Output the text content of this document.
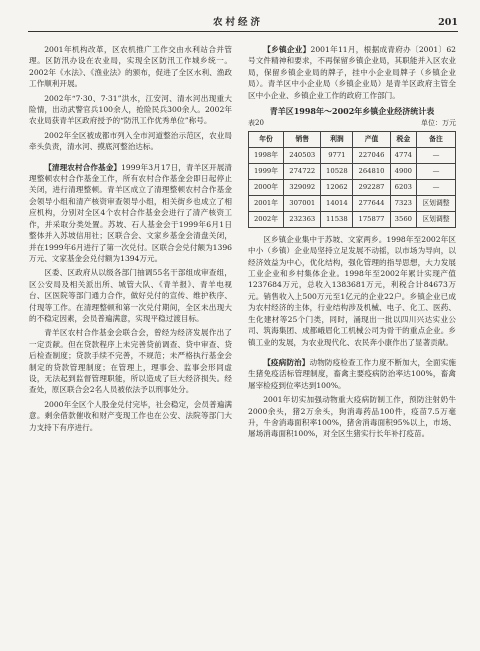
农村经济	201

2001年机构改革，区农机推广工作交由水利站合并管理。区防汛办设在农业局，实现全区防汛工作城乡统一。2002年《水法》、《渔业法》的颁布，促进了全区水利、渔政工作顺利开展。

2002年“7·30、7·31”洪水，江安河、清水河出现重大险情，出动武警官兵100余人，抢险民兵300余人。2002年农业局获青羊区政府授予的“防汛工作优秀单位”称号。

2002年全区被成都市列入全市河道整治示范区，农业局牵头负责，清水河、摸底河整治达标。

【清理农村合作基金】1999年3月17日，青羊区开展清理整顿农村合作基金工作，所有农村合作基金会即日起停止关闭，进行清理整顿。青羊区成立了清理整顿农村合作基金会领导小组和清产核资审查领导小组，相关街乡也成立了相应机构，分别对全区4个农村合作基金会进行了清产核资工作，并采取分类处置。苏坡、石人基金会于1999年6月1日整体并入苏坡信用社；区联合会、文家乡基金会清盘关闭，并在1999年6月进行了第一次兑付。区联合会兑付额为1396万元、文家基金会兑付额为1394万元。

区委、区政府从以级各部门抽调55名干部组成审查组，区公安局及相关派出所、城管大队、《青羊报》、青羊电视台、区医院等部门通力合作，做好兑付的宣传、维护秩序、付现等工作。在清理整顿和第一次兑付期间，全区未出现大的不稳定因素，会员普遍满意，实现平稳过渡目标。

青羊区农村合作基金会联合会，曾经为经济发展作出了一定贡献。但在贷款程序上未完善贷前调查、贷中审查、贷后检查制度；贷款手续不完善，不规范；未严格执行基金会制定的贷款管理制度；在管理上，理事会、监事会形同虚设，无法起到监督管理职能，所以造成了巨大经济损失。经查处，原区联合会2名人员被依法予以刑事处分。

2000年全区个人股金兑付完毕，社会稳定，会员普遍满意。剩余借款催收和财产变现工作也在公安、法院等部门大力支持下有序进行。

【乡镇企业】2001年11月，根据成青府办〔2001〕62号文件精神和要求，不再保留乡镇企业局，其职能并入区农业局，保留乡镇企业局的牌子，挂中小企业局牌子（乡镇企业局）。青羊区中小企业局（乡镇企业局）是青羊区政府主管全区中小企业、乡镇企业工作的政府工作部门。

青羊区1998年～2002年乡镇企业经济统计表
表20	单位：万元
年份	销售	利润	产值	税金	备注
1998年	240503	9771	227046	4774	—
1999年	274722	10528	264810	4900	—
2000年	329092	12062	292287	6203	—
2001年	307001	14014	277644	7323	区划调整
2002年	232363	11538	175877	3560	区划调整

区乡镇企业集中于苏坡、文家两乡。1998年至2002年区中小（乡镇）企业局坚持立足发展不动摇，以市场为导向，以经济效益为中心，优化结构，强化管理的指导思想，大力发展工业企业和乡村集体企业。1998年至2002年累计实现产值1237684万元，总收入1383681万元，利税合计84673万元。销售收入上500万元至1亿元的企业22户。乡镇企业已成为农村经济的主体，行业结构涉及机械、电子、化工、医药、生化建材等25个门类，同时，涌现出一批以四川兴达实业公司、筑海集团、成都峨眉化工机械公司为骨干的重点企业。乡镇工业的发展，为农业现代化、农民奔小康作出了显著贡献。

【疫病防治】动物防疫检查工作力度不断加大，全面实施生猪免疫活标管理制度，畜禽主要疫病防治率达100%，畜禽屠宰检疫到位率达到100%。

2001年切实加强动物重大疫病防制工作，预防注射奶牛2000余头，猪2万余头，狗消毒药品100件，疫苗7.5万毫升，牛舍消毒面积率100%，猪舍消毒面积95%以上，市场、屠场消毒面积100%，对全区生猪实行长年补打疫苗。
